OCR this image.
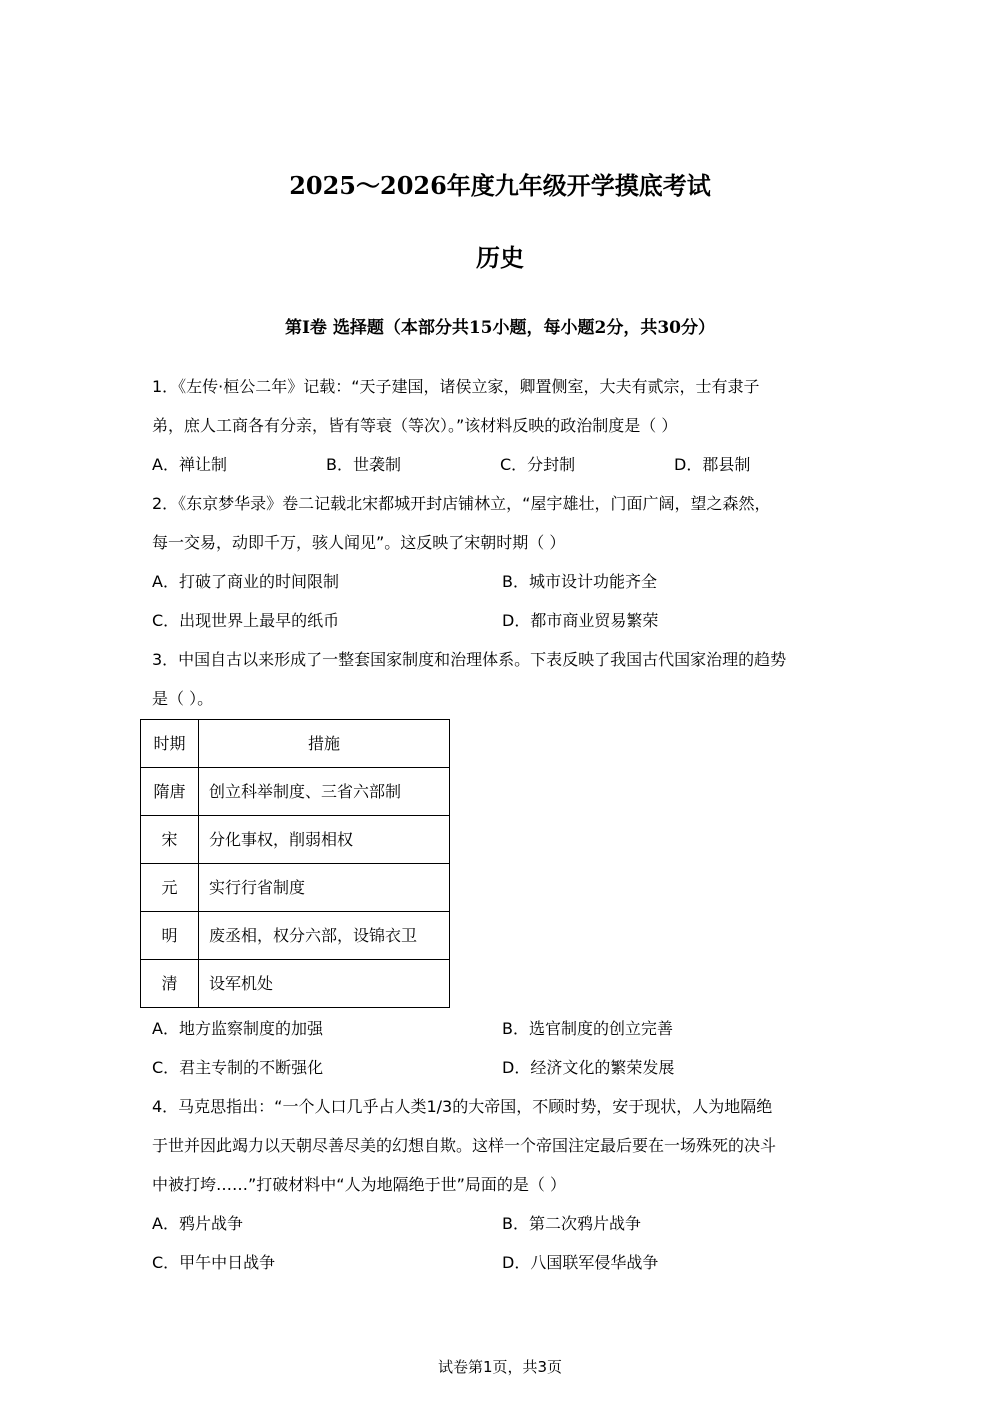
2025～2026年度九年级开学摸底考试
历史
第Ⅰ卷 选择题（本部分共15小题，每小题2分，共30分）

1．《左传·桓公二年》记载：“天子建国，诸侯立家，卿置侧室，大夫有贰宗，士有隶子

弟，庶人工商各有分亲，皆有等衰（等次）。”该材料反映的政治制度是（ ）

A．禅让制	B．世袭制	C．分封制	D．郡县制

2．《东京梦华录》卷二记载北宋都城开封店铺林立，“屋宇雄壮，门面广阔，望之森然，

每一交易，动即千万，骇人闻见”。这反映了宋朝时期（ ）

A．打破了商业的时间限制	B．城市设计功能齐全

C．出现世界上最早的纸币	D．都市商业贸易繁荣

3．中国自古以来形成了一整套国家制度和治理体系。下表反映了我国古代国家治理的趋势

是（ ）。

时期	措施
隋唐	创立科举制度、三省六部制
宋	分化事权，削弱相权
元	实行行省制度
明	废丞相，权分六部，设锦衣卫
清	设军机处

A．地方监察制度的加强	B．选官制度的创立完善

C．君主专制的不断强化	D．经济文化的繁荣发展

4．马克思指出：“一个人口几乎占人类1/3的大帝国，不顾时势，安于现状，人为地隔绝

于世并因此竭力以天朝尽善尽美的幻想自欺。这样一个帝国注定最后要在一场殊死的决斗

中被打垮……”打破材料中“人为地隔绝于世”局面的是（ ）

A．鸦片战争	B．第二次鸦片战争

C．甲午中日战争	D．八国联军侵华战争

试卷第1页，共3页
